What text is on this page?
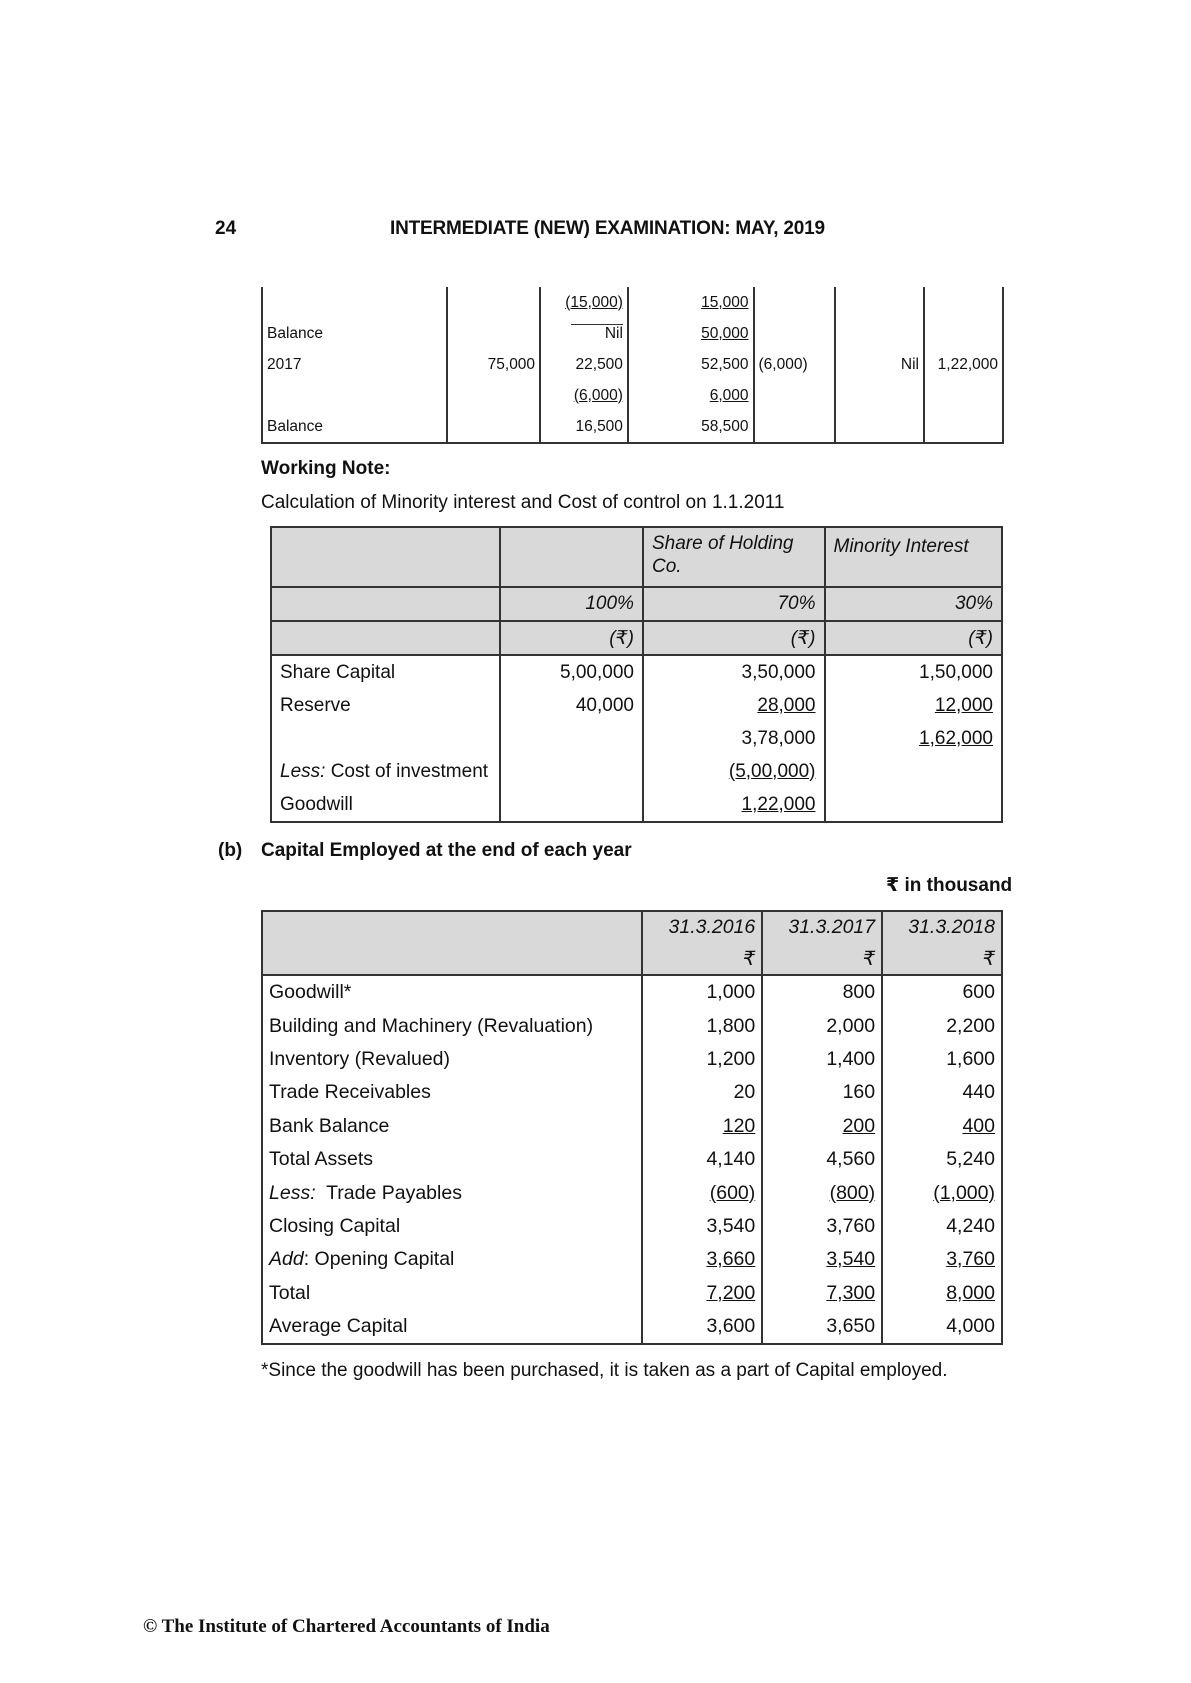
24	INTERMEDIATE (NEW) EXAMINATION: MAY, 2019
		(15,000)	15,000			
Balance		Nil	50,000			
2017	75,000	22,500	52,500	(6,000)	Nil	1,22,000
		(6,000)	6,000			
Balance		16,500	58,500			
Working Note:
Calculation of Minority interest and Cost of control on 1.1.2011
		Share of Holding Co.	Minority Interest
	100%	70%	30%
	(₹)	(₹)	(₹)
Share Capital	5,00,000	3,50,000	1,50,000
Reserve	40,000	28,000	12,000
		3,78,000	1,62,000
Less: Cost of investment		(5,00,000)	
Goodwill		1,22,000	
(b) Capital Employed at the end of each year
₹ in thousand
	31.3.2016	31.3.2017	31.3.2018
	₹	₹	₹
Goodwill*	1,000	800	600
Building and Machinery (Revaluation)	1,800	2,000	2,200
Inventory (Revalued)	1,200	1,400	1,600
Trade Receivables	20	160	440
Bank Balance	120	200	400
Total Assets	4,140	4,560	5,240
Less:  Trade Payables	(600)	(800)	(1,000)
Closing Capital	3,540	3,760	4,240
Add: Opening Capital	3,660	3,540	3,760
Total	7,200	7,300	8,000
Average Capital	3,600	3,650	4,000
*Since the goodwill has been purchased, it is taken as a part of Capital employed.
© The Institute of Chartered Accountants of India
